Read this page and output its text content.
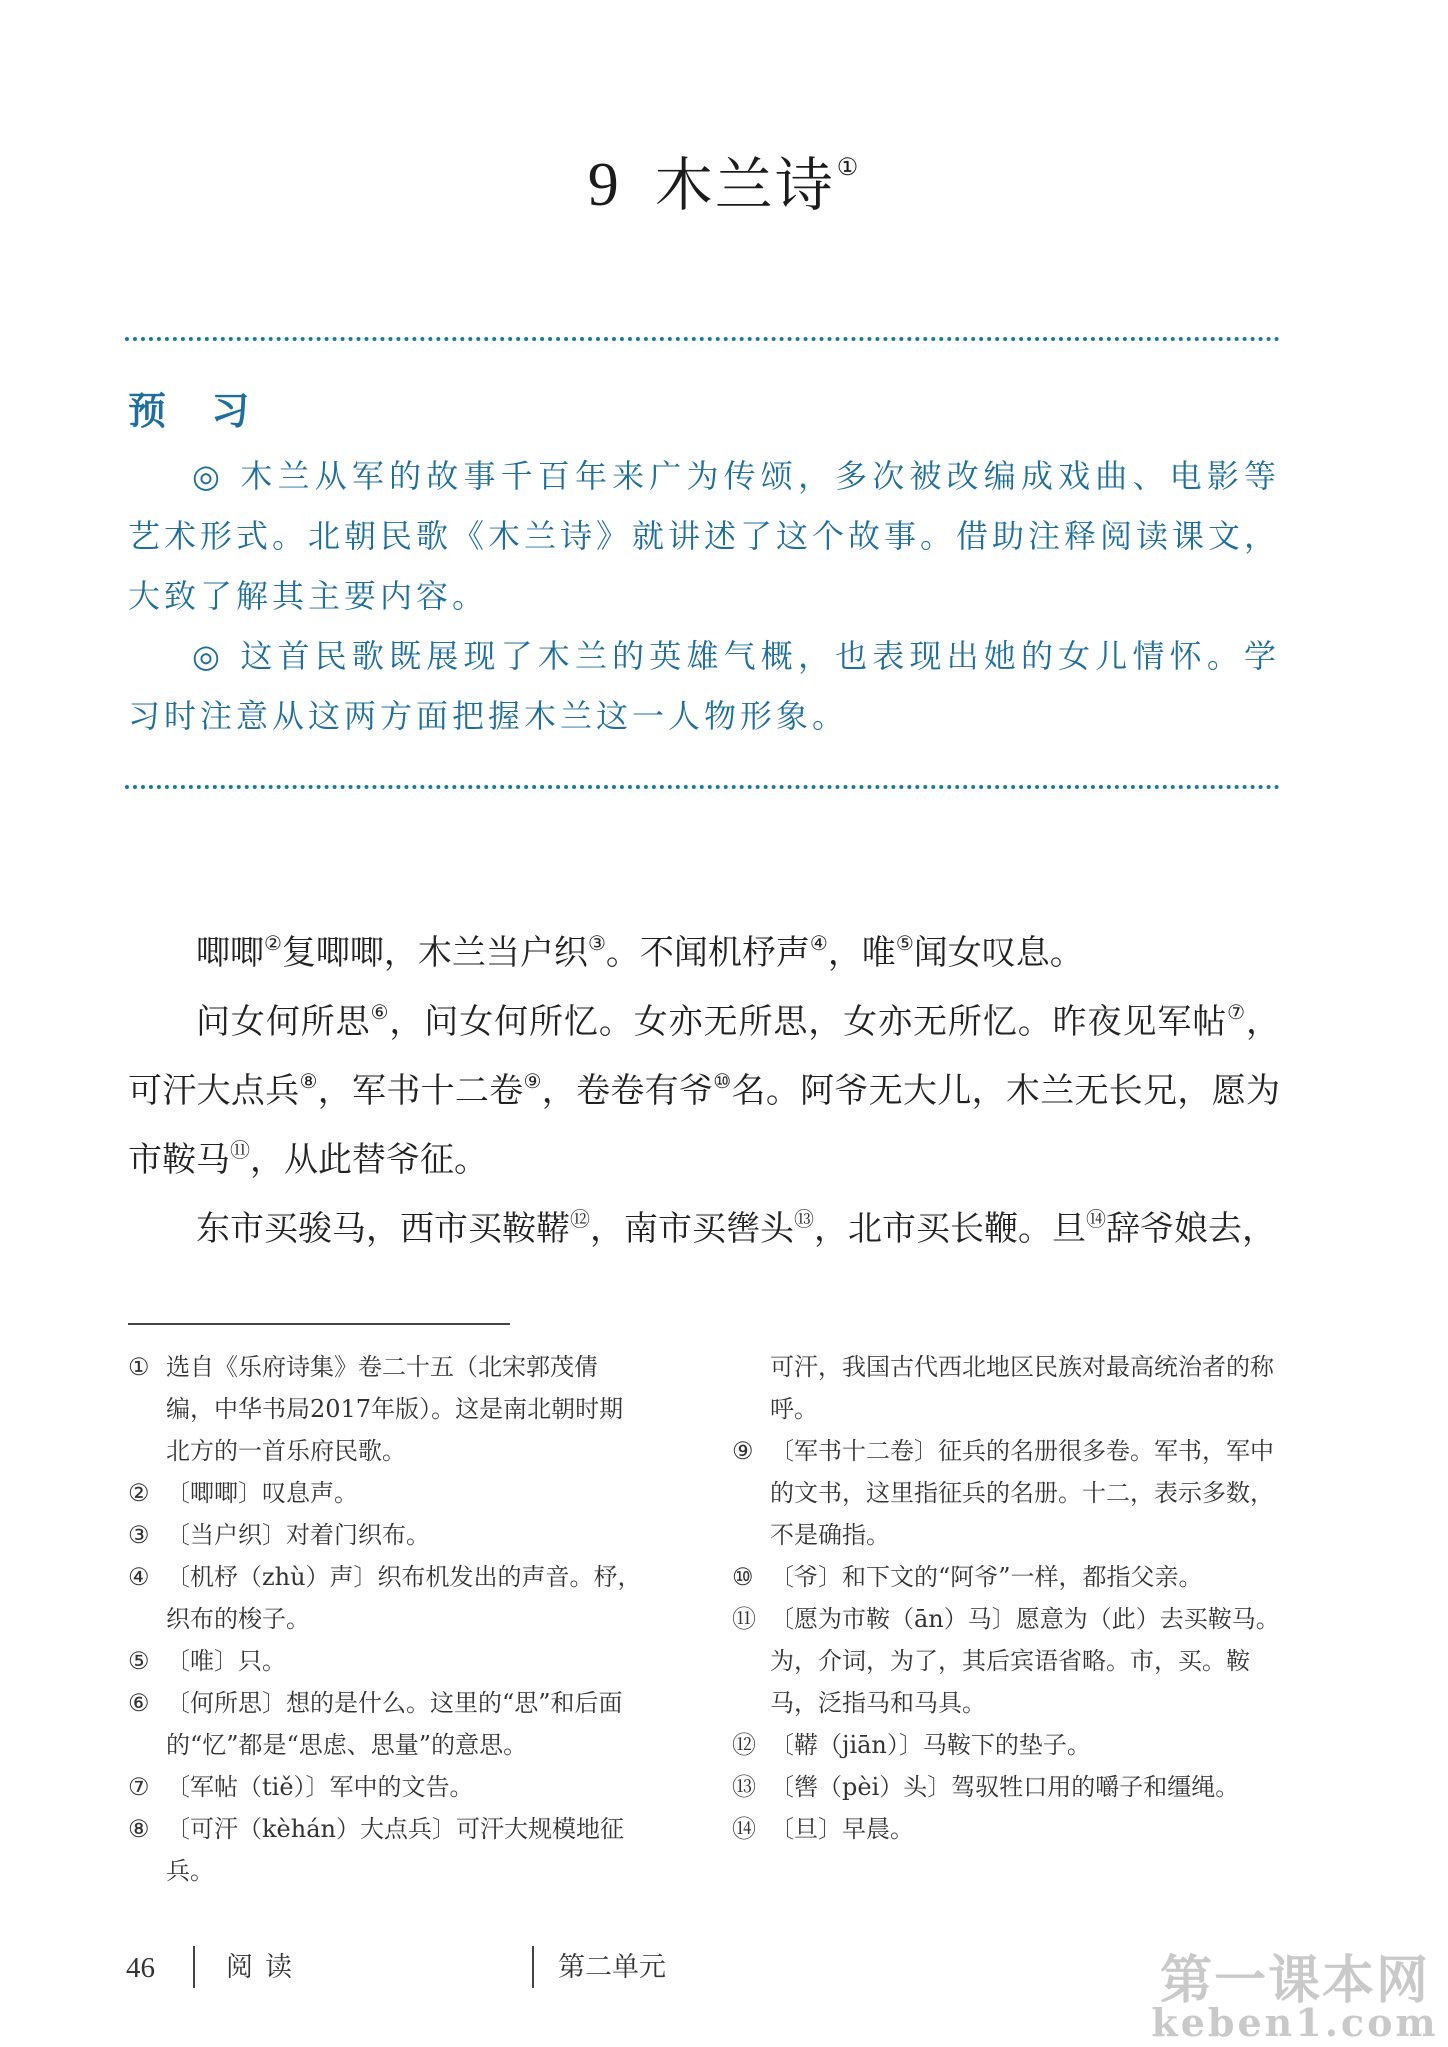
9 木兰诗①
预 习

◎ 木兰从军的故事千百年来广为传颂，多次被改编成戏曲、电影等艺术形式。北朝民歌《木兰诗》就讲述了这个故事。借助注释阅读课文，大致了解其主要内容。

◎ 这首民歌既展现了木兰的英雄气概，也表现出她的女儿情怀。学习时注意从这两方面把握木兰这一人物形象。

唧唧②复唧唧，木兰当户织③。不闻机杼声④，唯⑤闻女叹息。

问女何所思⑥，问女何所忆。女亦无所思，女亦无所忆。昨夜见军帖⑦，可汗大点兵⑧，军书十二卷⑨，卷卷有爷⑩名。阿爷无大儿，木兰无长兄，愿为市鞍马⑪，从此替爷征。

东市买骏马，西市买鞍鞯⑫，南市买辔头⑬，北市买长鞭。旦⑭辞爷娘去，

① 选自《乐府诗集》卷二十五（北宋郭茂倩编，中华书局2017年版）。这是南北朝时期北方的一首乐府民歌。

② 〔唧唧〕叹息声。

③ 〔当户织〕对着门织布。

④ 〔机杼（zhù）声〕织布机发出的声音。杼，织布的梭子。

⑤ 〔唯〕只。

⑥ 〔何所思〕想的是什么。这里的“思”和后面的“忆”都是“思虑、思量”的意思。

⑦ 〔军帖（tiě）〕军中的文告。

⑧ 〔可汗（kèhán）大点兵〕可汗大规模地征兵。

可汗，我国古代西北地区民族对最高统治者的称呼。

⑨ 〔军书十二卷〕征兵的名册很多卷。军书，军中的文书，这里指征兵的名册。十二，表示多数，不是确指。

⑩ 〔爷〕和下文的“阿爷”一样，都指父亲。

⑪ 〔愿为市鞍（ān）马〕愿意为（此）去买鞍马。为，介词，为了，其后宾语省略。市，买。鞍马，泛指马和马具。

⑫ 〔鞯（jiān）〕马鞍下的垫子。

⑬ 〔辔（pèi）头〕驾驭牲口用的嚼子和缰绳。

⑭ 〔旦〕早晨。

46	阅读	第二单元	第一课本网
keben1.com
